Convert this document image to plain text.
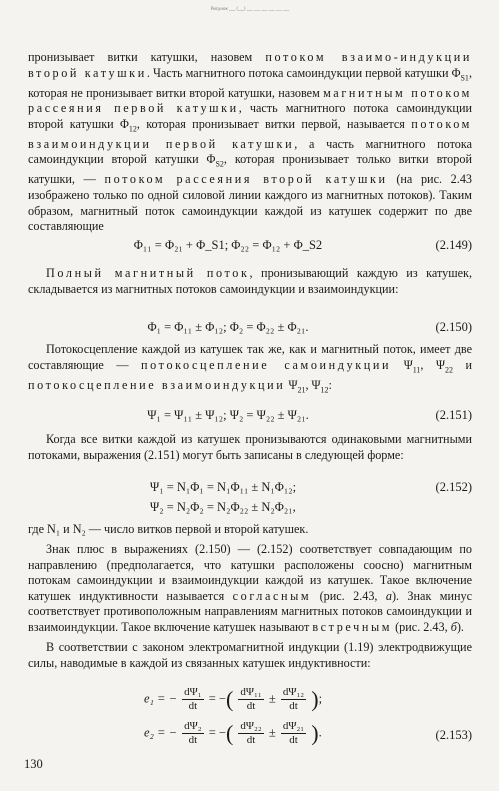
Рисунок ___ (___) ___ ___ ___ ___ ___ ___

пронизывает витки катушки, назовем потоком взаимо-индукции второй катушки. Часть магнитного потока самоиндукции первой катушки $\Phi_{S1}$, которая не пронизывает витки второй катушки, назовем магнитным потоком рассеяния первой катушки, часть магнитного потока самоиндукции второй катушки $\Phi_{12}$, которая пронизывает витки первой, называется потоком взаимоиндукции первой катушки, а часть магнитного потока самоиндукции второй катушки $\Phi_{S2}$, которая пронизывает только витки второй катушки, — потоком рассеяния второй катушки (на рис. 2.43 изображено только по одной силовой линии каждого из магнитных потоков). Таким образом, магнитный поток самоиндукции каждой из катушек содержит по две составляющие

Φ₁₁ = Φ₂₁ + Φ_S1; Φ₂₂ = Φ₁₂ + Φ_S2	(2.149)

Полный магнитный поток, пронизывающий каждую из катушек, складывается из магнитных потоков самоиндукции и взаимоиндукции:

Φ₁ = Φ₁₁ ± Φ₁₂; Φ₂ = Φ₂₂ ± Φ₂₁.	(2.150)

Потокосцепление каждой из катушек так же, как и магнитный поток, имеет две составляющие — потокосцепление самоиндукции $\Psi_{11}$, $\Psi_{22}$ и потокосцепление взаимоиндукции $\Psi_{21}$, $\Psi_{12}$:

Ψ₁ = Ψ₁₁ ± Ψ₁₂; Ψ₂ = Ψ₂₂ ± Ψ₂₁.	(2.151)

Когда все витки каждой из катушек пронизываются одинаковыми магнитными потоками, выражения (2.151) могут быть записаны в следующей форме:

Ψ₁ = N₁Φ₁ = N₁Φ₁₁ ± N₁Φ₁₂;
Ψ₂ = N₂Φ₂ = N₂Φ₂₂ ± N₂Φ₂₁,
(2.152)

где N₁ и N₂ — число витков первой и второй катушек.

Знак плюс в выражениях (2.150) — (2.152) соответствует совпадающим по направлению (предполагается, что катушки расположены соосно) магнитным потокам самоиндукции и взаимоиндукции каждой из катушек. Такое включение катушек индуктивности называется согласным (рис. 2.43, а). Знак минус соответствует противоположным направлениям магнитных потоков самоиндукции и взаимоиндукции. Такое включение катушек называют встречным (рис. 2.43, б).

В соответствии с законом электромагнитной индукции (1.19) электродвижущие силы, наводимые в каждой из связанных катушек индуктивности:

e₁ = − $\frac{\text{dΨ₁}}{dt}$ = −( $\frac{\text{dΨ₁₁}}{dt} \pm \frac{\text{dΨ₁₂}}{dt}$ );
e₂ = − $\frac{\text{dΨ₂}}{dt}$ = −( $\frac{\text{dΨ₂₂}}{dt} \pm \frac{\text{dΨ₂₁}}{dt}$ ).	(2.153)
130
